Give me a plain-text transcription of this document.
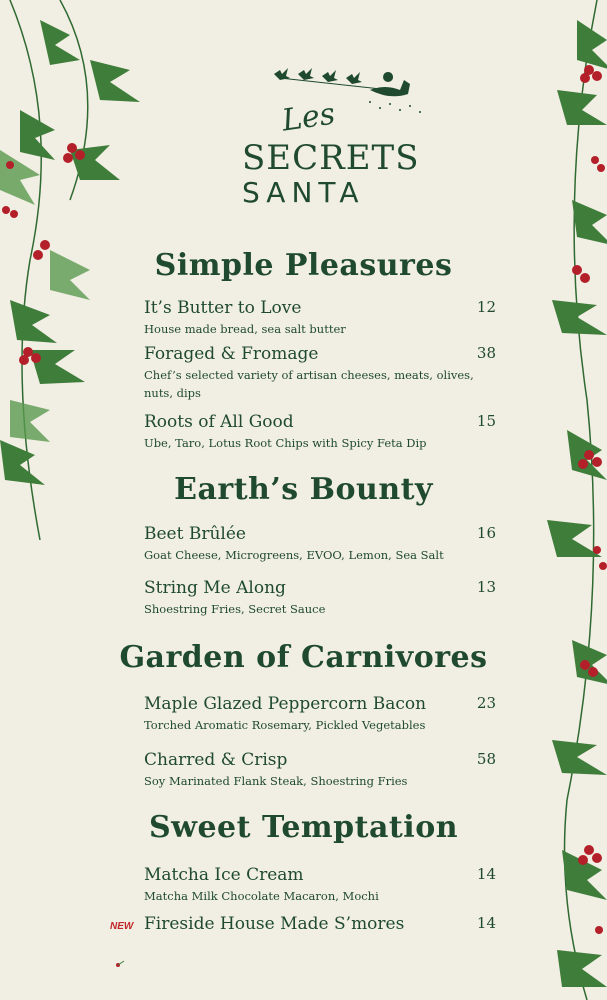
Les
SECRETS
SANTA
Simple Pleasures
It’s Butter to Love	12
House made bread, sea salt butter
Foraged & Fromage	38
Chef’s selected variety of artisan cheeses, meats, olives, nuts, dips
Roots of All Good	15
Ube, Taro, Lotus Root Chips with Spicy Feta Dip
Earth’s Bounty
Beet Brûlée	16
Goat Cheese, Microgreens, EVOO, Lemon, Sea Salt
String Me Along	13
Shoestring Fries, Secret Sauce
Garden of Carnivores
Maple Glazed Peppercorn Bacon	23
Torched Aromatic Rosemary, Pickled Vegetables
Charred & Crisp	58
Soy Marinated Flank Steak, Shoestring Fries
Sweet Temptation
Matcha Ice Cream	14
Matcha Milk Chocolate Macaron, Mochi
NEW Fireside House Made S’mores	14
